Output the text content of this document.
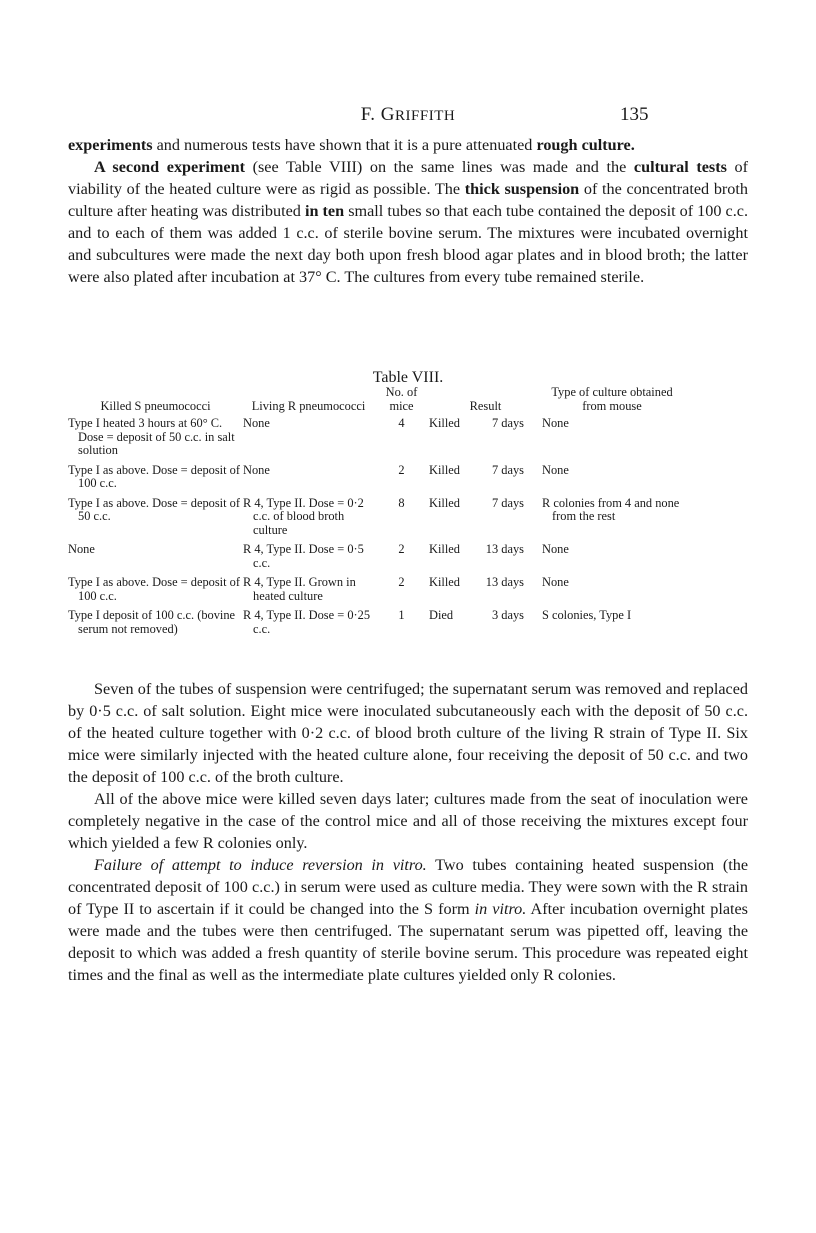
F. GRIFFITH	135

experiments and numerous tests have shown that it is a pure attenuated rough culture.

A second experiment (see Table VIII) on the same lines was made and the cultural tests of viability of the heated culture were as rigid as possible. The thick suspension of the concentrated broth culture after heating was distributed in ten small tubes so that each tube contained the deposit of 100 c.c. and to each of them was added 1 c.c. of sterile bovine serum. The mixtures were incubated overnight and subcultures were made the next day both upon fresh blood agar plates and in blood broth; the latter were also plated after incubation at 37° C. The cultures from every tube remained sterile.

Table VIII.
Killed S pneumococci	Living R pneumococci	No. of mice	Result	Type of culture obtained from mouse

Type I heated 3 hours at 60° C. Dose = deposit of 50 c.c. in salt solution	None	4	Killed 7 days	None

Type I as above. Dose = deposit of 100 c.c.	None	2	Killed 7 days	None

Type I as above. Dose = deposit of 50 c.c.	R 4, Type II. Dose = 0·2 c.c. of blood broth culture	8	Killed 7 days	R colonies from 4 and none from the rest

None	R 4, Type II. Dose = 0·5 c.c.	2	Killed 13 days	None

Type I as above. Dose = deposit of 100 c.c.	R 4, Type II. Grown in heated culture	2	Killed 13 days	None

Type I deposit of 100 c.c. (bovine serum not removed)	R 4, Type II. Dose = 0·25 c.c.	1	Died 3 days	S colonies, Type I

Seven of the tubes of suspension were centrifuged; the supernatant serum was removed and replaced by 0·5 c.c. of salt solution. Eight mice were inoculated subcutaneously each with the deposit of 50 c.c. of the heated culture together with 0·2 c.c. of blood broth culture of the living R strain of Type II. Six mice were similarly injected with the heated culture alone, four receiving the deposit of 50 c.c. and two the deposit of 100 c.c. of the broth culture.

All of the above mice were killed seven days later; cultures made from the seat of inoculation were completely negative in the case of the control mice and all of those receiving the mixtures except four which yielded a few R colonies only.

Failure of attempt to induce reversion in vitro. Two tubes containing heated suspension (the concentrated deposit of 100 c.c.) in serum were used as culture media. They were sown with the R strain of Type II to ascertain if it could be changed into the S form in vitro. After incubation overnight plates were made and the tubes were then centrifuged. The supernatant serum was pipetted off, leaving the deposit to which was added a fresh quantity of sterile bovine serum. This procedure was repeated eight times and the final as well as the intermediate plate cultures yielded only R colonies.
